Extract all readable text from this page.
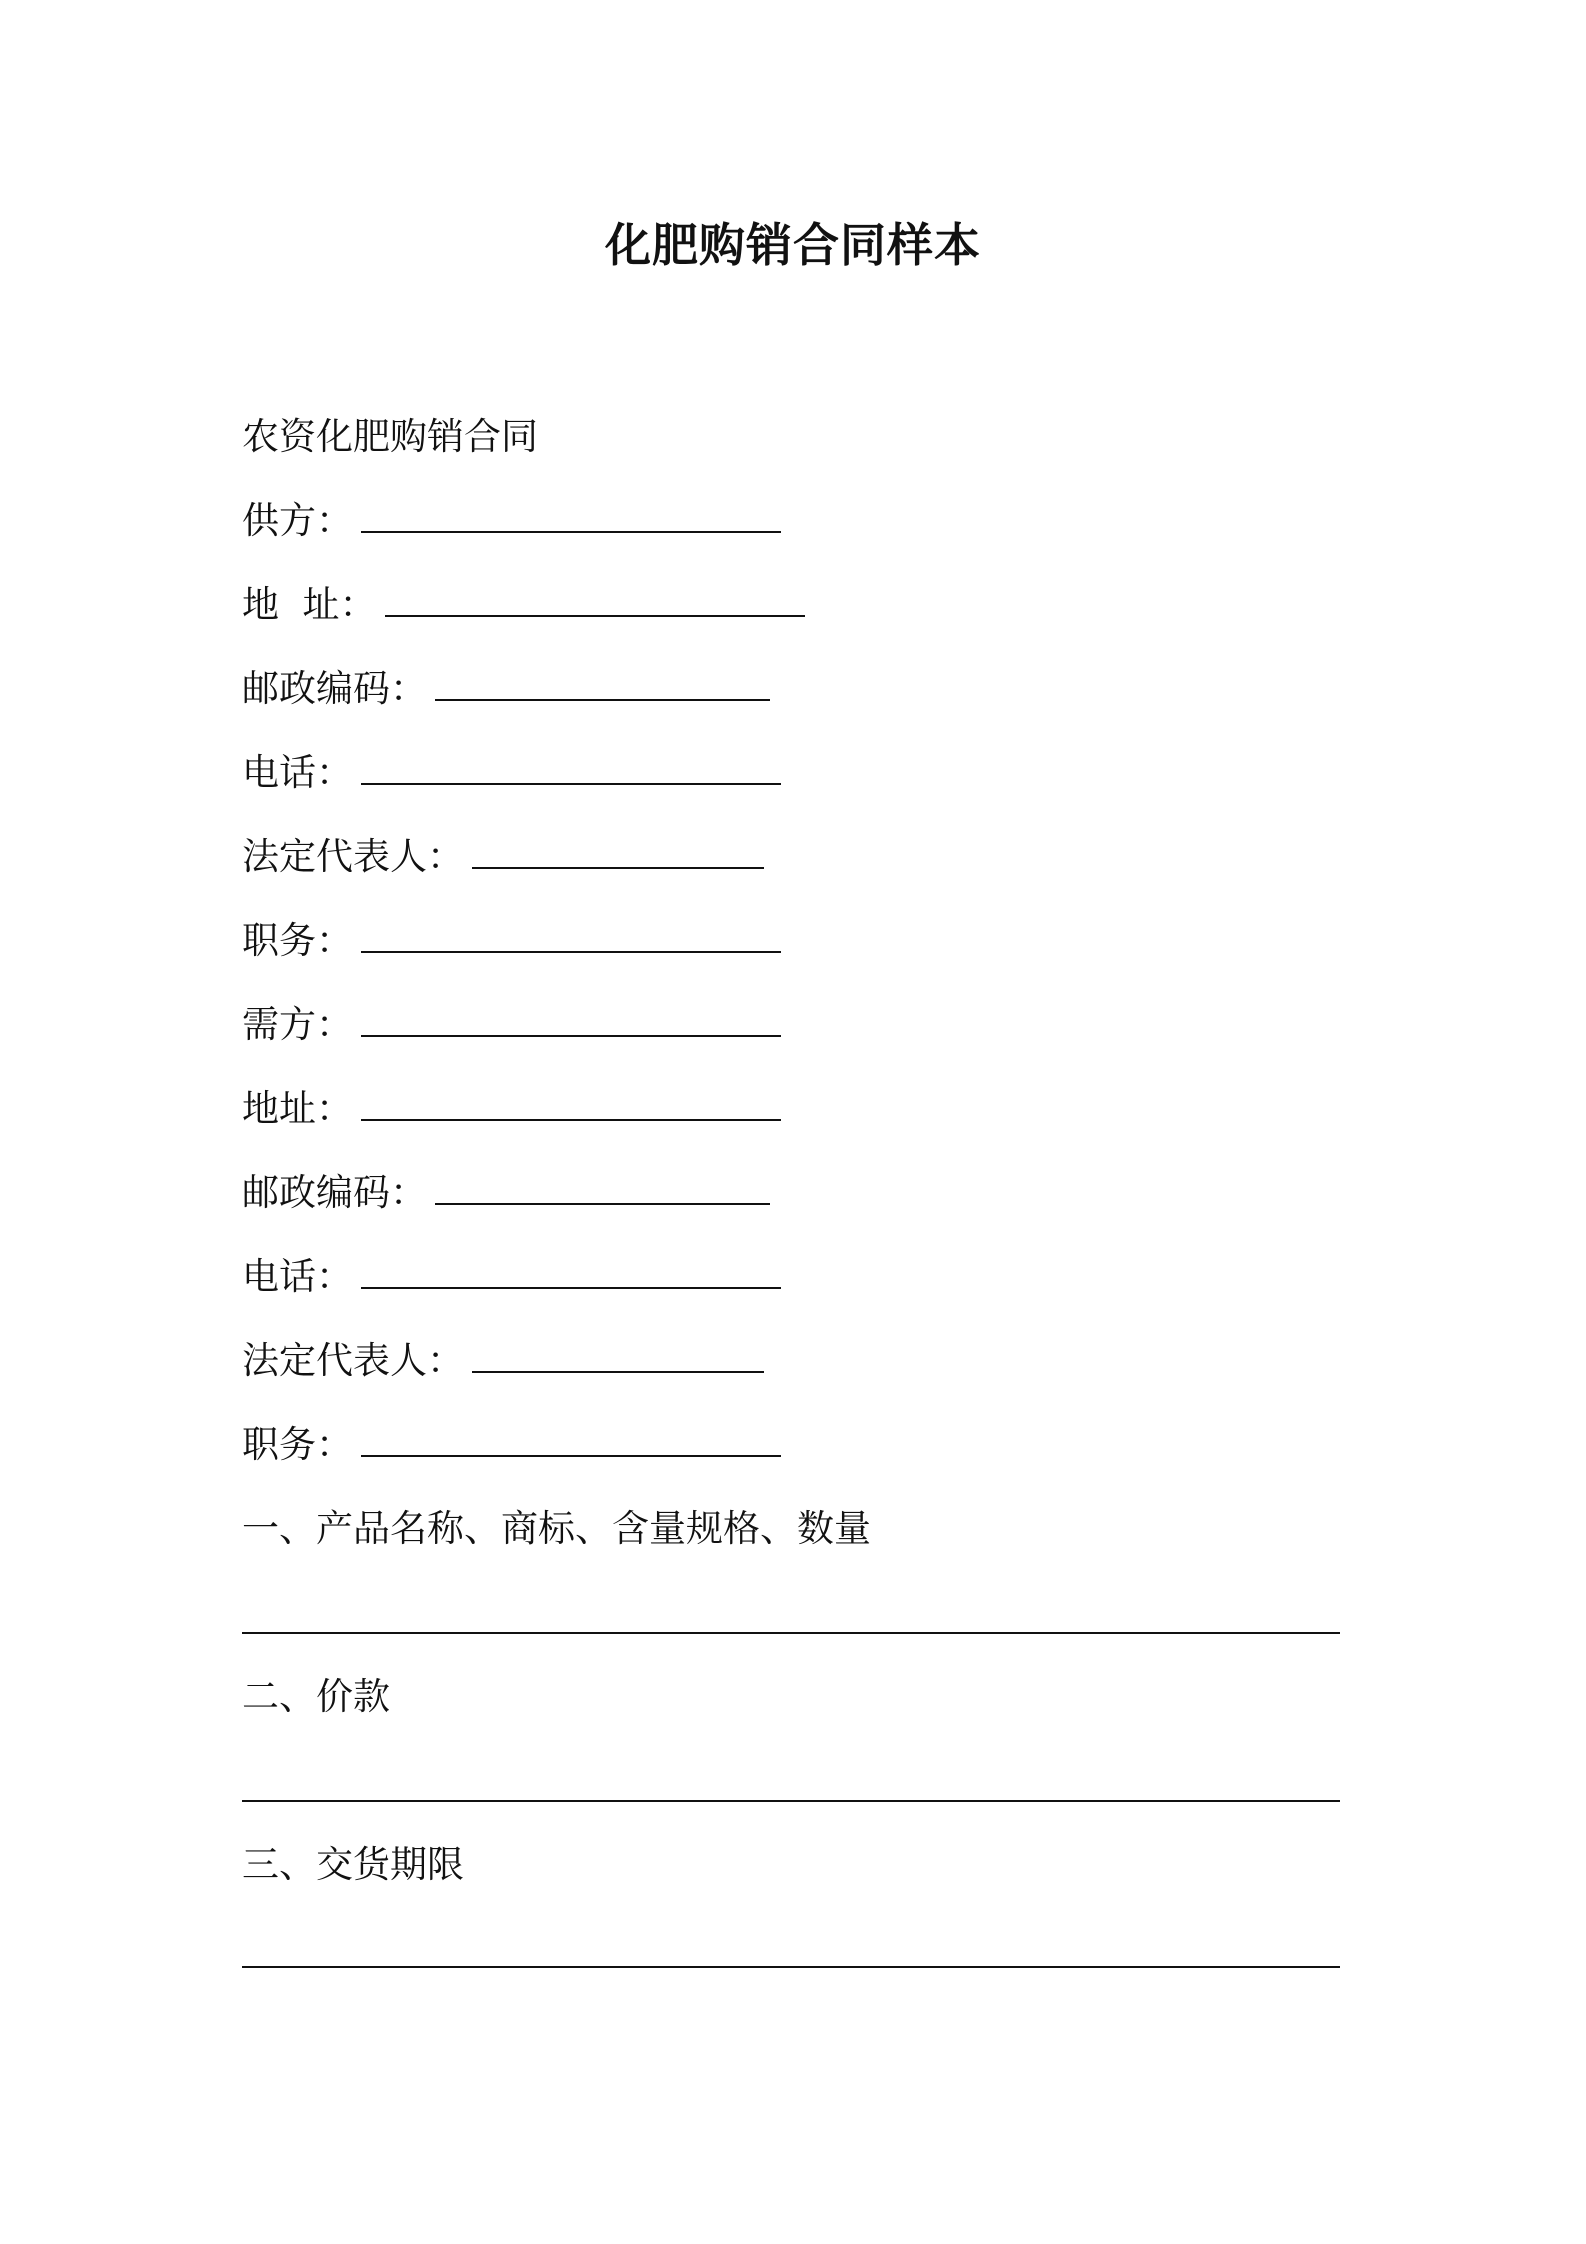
化肥购销合同样本
农资化肥购销合同
供方：
地  址：
邮政编码：
电话：
法定代表人：
职务：
需方：
地址：
邮政编码：
电话：
法定代表人：
职务：
一、产品名称、商标、含量规格、数量
二、价款
三、交货期限
